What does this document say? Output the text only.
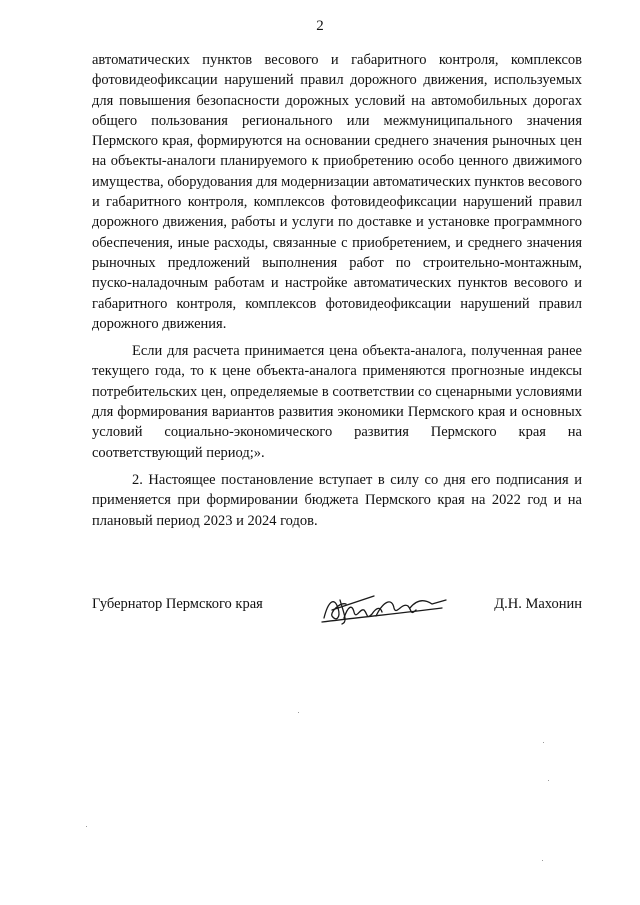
2

автоматических пунктов весового и габаритного контроля, комплексов фотовидеофиксации нарушений правил дорожного движения, используемых для повышения безопасности дорожных условий на автомобильных дорогах общего пользования регионального или межмуниципального значения Пермского края, формируются на основании среднего значения рыночных цен на объекты-аналоги планируемого к приобретению особо ценного движимого имущества, оборудования для модернизации автоматических пунктов весового и габаритного контроля, комплексов фотовидеофиксации нарушений правил дорожного движения, работы и услуги по доставке и установке программного обеспечения, иные расходы, связанные с приобретением, и среднего значения рыночных предложений выполнения работ по строительно-монтажным, пуско-наладочным работам и настройке автоматических пунктов весового и габаритного контроля, комплексов фотовидеофиксации нарушений правил дорожного движения.

Если для расчета принимается цена объекта-аналога, полученная ранее текущего года, то к цене объекта-аналога применяются прогнозные индексы потребительских цен, определяемые в соответствии со сценарными условиями для формирования вариантов развития экономики Пермского края и основных условий социально-экономического развития Пермского края на соответствующий период;».

2. Настоящее постановление вступает в силу со дня его подписания и применяется при формировании бюджета Пермского края на 2022 год и на плановый период 2023 и 2024 годов.

Губернатор Пермского края	Д.Н. Махонин
